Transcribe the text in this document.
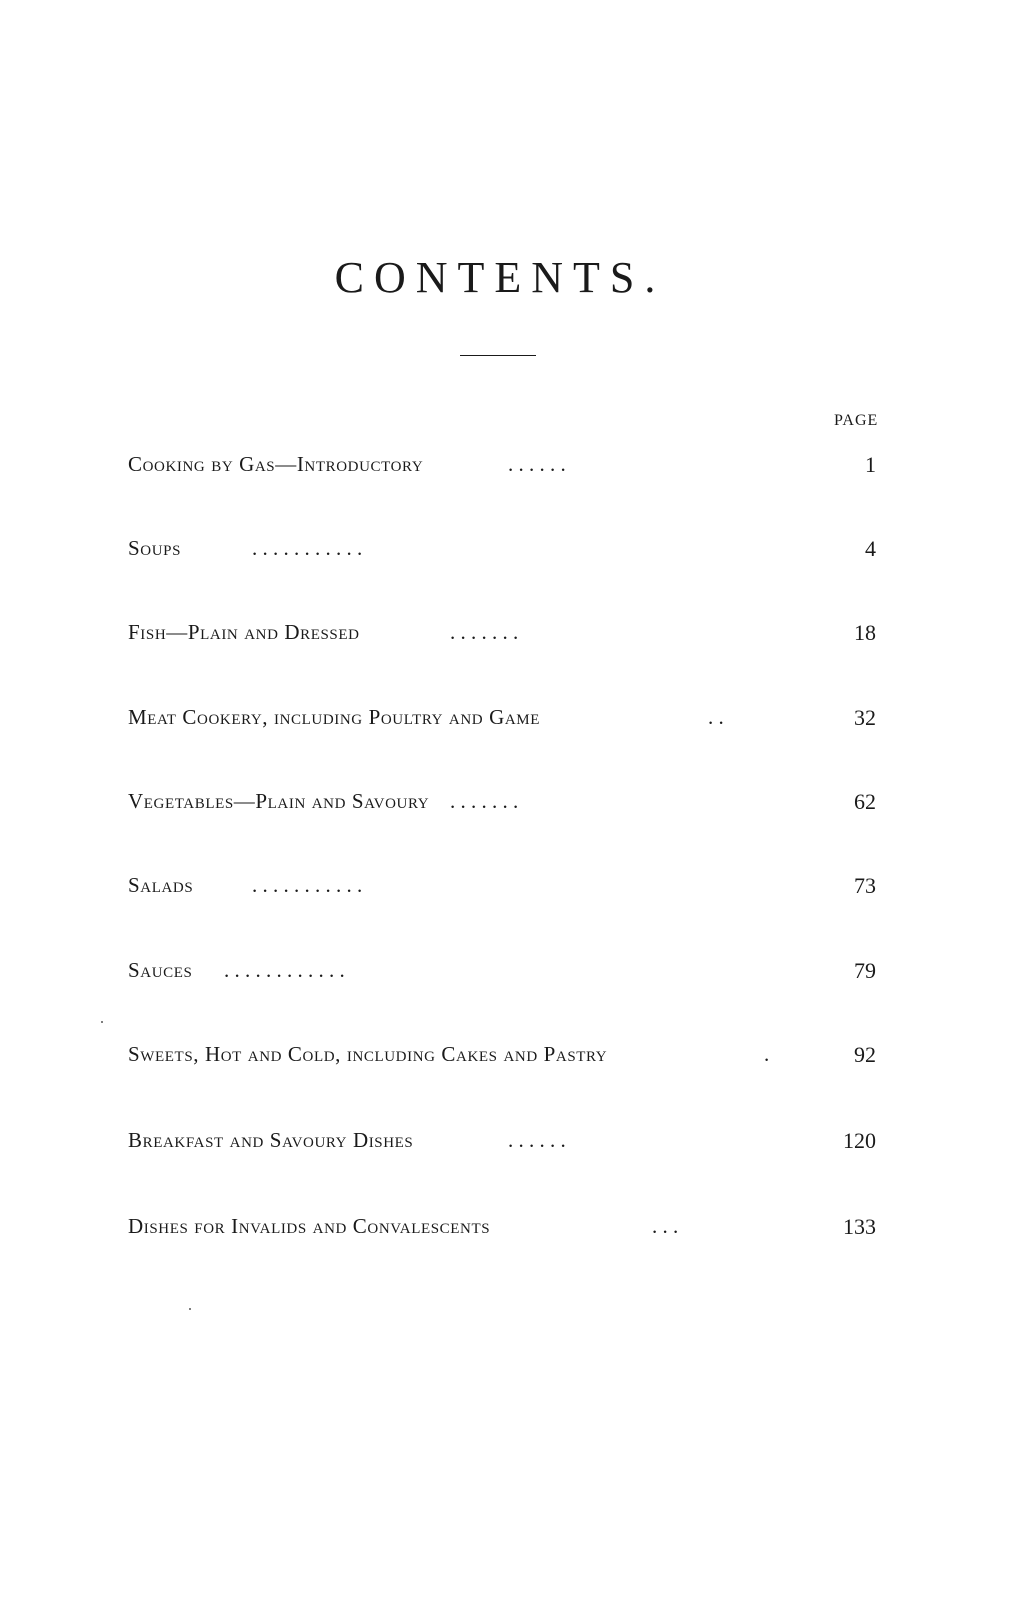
CONTENTS.
PAGE
Cooking by Gas—Introductory	. . . . . .	1
Soups	. . . . . . . . . . .	4
Fish—Plain and Dressed	. . . . . . .	18
Meat Cookery, including Poultry and Game	. .	32
Vegetables—Plain and Savoury . . . . . . .	62
Salads	. . . . . . . . . . .	73
Sauces . . . . . . . . . . . .	79
Sweets, Hot and Cold, including Cakes and Pastry	.	92
Breakfast and Savoury Dishes	. . . . . .	120
Dishes for Invalids and Convalescents	. . .	133
